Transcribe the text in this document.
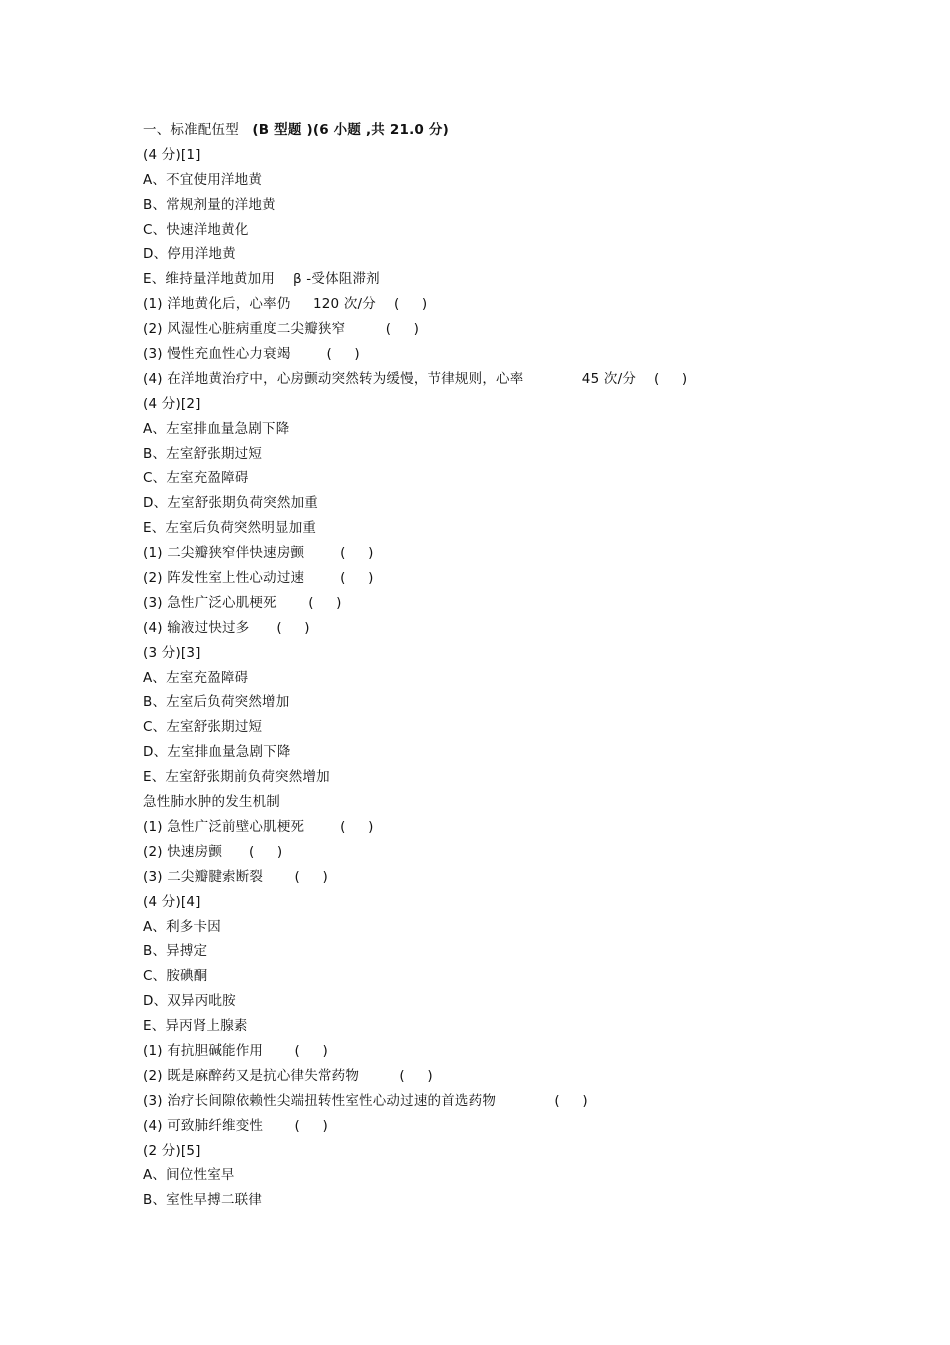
一、标准配伍型 (B 型题 )(6 小题 ,共 21.0 分)
(4 分)[1]
A、不宜使用洋地黄
B、常规剂量的洋地黄
C、快速洋地黄化
D、停用洋地黄
E、维持量洋地黄加用    β -受体阻滞剂
(1) 洋地黄化后，心率仍     120 次/分    (     )
(2) 风湿性心脏病重度二尖瓣狭窄         (     )
(3) 慢性充血性心力衰竭        (     )
(4) 在洋地黄治疗中，心房颤动突然转为缓慢，节律规则，心率             45 次/分    (     )
(4 分)[2]
A、左室排血量急剧下降
B、左室舒张期过短
C、左室充盈障碍
D、左室舒张期负荷突然加重
E、左室后负荷突然明显加重
(1) 二尖瓣狭窄伴快速房颤        (     )
(2) 阵发性室上性心动过速        (     )
(3) 急性广泛心肌梗死       (     )
(4) 输液过快过多      (     )
(3 分)[3]
A、左室充盈障碍
B、左室后负荷突然增加
C、左室舒张期过短
D、左室排血量急剧下降
E、左室舒张期前负荷突然增加
急性肺水肿的发生机制
(1) 急性广泛前壁心肌梗死        (     )
(2) 快速房颤      (     )
(3) 二尖瓣腱索断裂       (     )
(4 分)[4]
A、利多卡因
B、异搏定
C、胺碘酮
D、双异丙吡胺
E、异丙肾上腺素
(1) 有抗胆碱能作用       (     )
(2) 既是麻醉药又是抗心律失常药物         (     )
(3) 治疗长间隙依赖性尖端扭转性室性心动过速的首选药物             (     )
(4) 可致肺纤维变性       (     )
(2 分)[5]
A、间位性室早
B、室性早搏二联律
